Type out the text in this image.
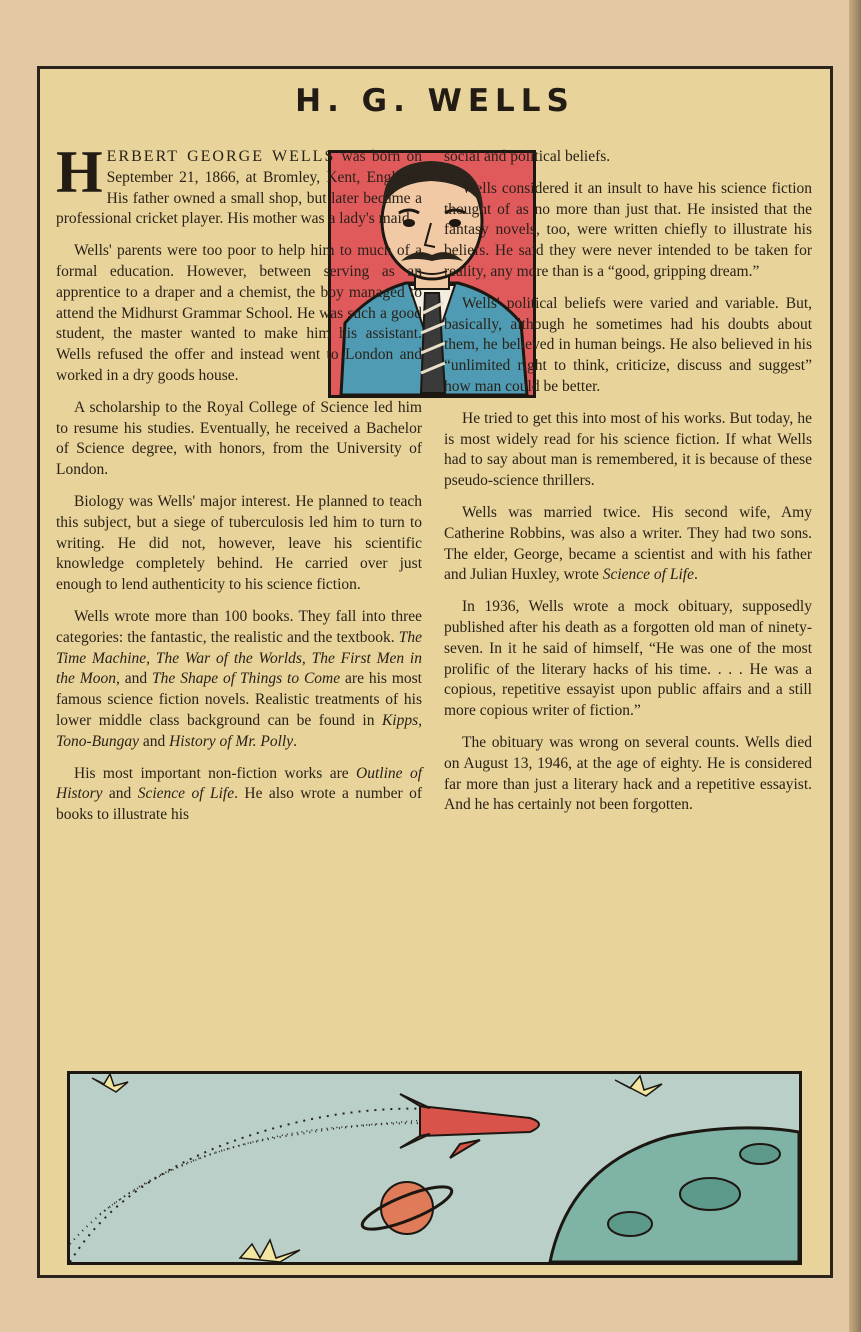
H. G. WELLS

HERBERT GEORGE WELLS was born on September 21, 1866, at Bromley, Kent, England. His father owned a small shop, but later became a professional cricket player. His mother was a lady's maid.

Wells' parents were too poor to help him to much of a formal education. However, between serving as an apprentice to a draper and a chemist, the boy managed to attend the Midhurst Grammar School. He was such a good student, the master wanted to make him his assistant. Wells refused the offer and instead went to London and worked in a dry goods house.

A scholarship to the Royal College of Science led him to resume his studies. Eventually, he received a Bachelor of Science degree, with honors, from the University of London.

Biology was Wells' major interest. He planned to teach this subject, but a siege of tuberculosis led him to turn to writing. He did not, however, leave his scientific knowledge completely behind. He carried over just enough to lend authenticity to his science fiction.

Wells wrote more than 100 books. They fall into three categories: the fantastic, the realistic and the textbook. The Time Machine, The War of the Worlds, The First Men in the Moon, and The Shape of Things to Come are his most famous science fiction novels. Realistic treatments of his lower middle class background can be found in Kipps, Tono-Bungay and History of Mr. Polly.

His most important non-fiction works are Outline of History and Science of Life. He also wrote a number of books to illustrate his

social and political beliefs.

Wells considered it an insult to have his science fiction thought of as no more than just that. He insisted that the fantasy novels, too, were written chiefly to illustrate his beliefs. He said they were never intended to be taken for reality, any more than is a “good, gripping dream.”

Wells' political beliefs were varied and variable. But, basically, although he sometimes had his doubts about them, he believed in human beings. He also believed in his “unlimited right to think, criticize, discuss and suggest” how man could be better.

He tried to get this into most of his works. But today, he is most widely read for his science fiction. If what Wells had to say about man is remembered, it is because of these pseudo-science thrillers.

Wells was married twice. His second wife, Amy Catherine Robbins, was also a writer. They had two sons. The elder, George, became a scientist and with his father and Julian Huxley, wrote Science of Life.

In 1936, Wells wrote a mock obituary, supposedly published after his death as a forgotten old man of ninety-seven. In it he said of himself, “He was one of the most prolific of the literary hacks of his time. . . . He was a copious, repetitive essayist upon public affairs and a still more copious writer of fiction.”

The obituary was wrong on several counts. Wells died on August 13, 1946, at the age of eighty. He is considered far more than just a literary hack and a repetitive essayist. And he has certainly not been forgotten.
